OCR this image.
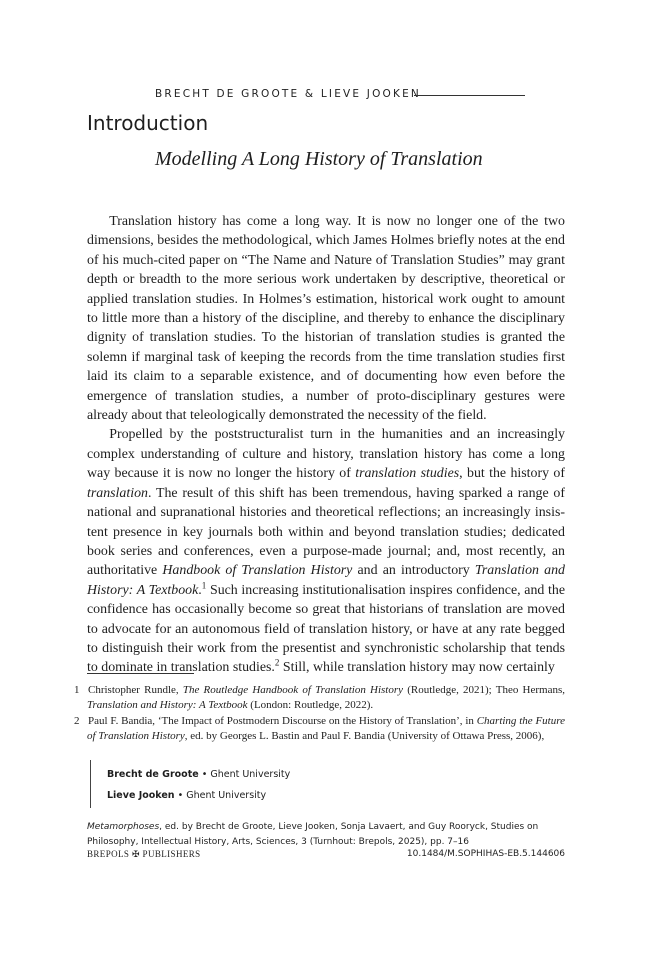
BRECHT DE GROOTE & LIEVE JOOKEN
Introduction
Modelling A Long History of Translation

Translation history has come a long way. It is now no longer one of the two dimensions, besides the methodological, which James Holmes briefly notes at the end of his much-cited paper on “The Name and Nature of Translation Studies” may grant depth or breadth to the more serious work undertaken by descriptive, theoretical or applied translation studies. In Holmes’s estimation, historical work ought to amount to little more than a history of the discipline, and thereby to enhance the disciplinary dignity of translation studies. To the historian of translation studies is granted the solemn if marginal task of keeping the records from the time translation studies first laid its claim to a separable existence, and of documenting how even before the emergence of translation studies, a number of proto-disciplinary gestures were already about that teleologically demonstrated the necessity of the field.

Propelled by the poststructuralist turn in the humanities and an increasingly complex understanding of culture and history, translation history has come a long way because it is now no longer the history of translation studies, but the history of translation. The result of this shift has been tremendous, having sparked a range of national and supranational histories and theoretical reflections; an increasingly insistent presence in key journals both within and beyond translation studies; dedicated book series and conferences, even a purpose-made journal; and, most recently, an authoritative Handbook of Translation History and an introductory Translation and History: A Textbook.$^1$ Such increasing institutionalisation inspires confidence, and the confidence has occasionally become so great that historians of translation are moved to advocate for an autonomous field of translation history, or have at any rate begged to distinguish their work from the presentist and synchronistic scholarship that tends to dominate in translation studies.$^2$ Still, while translation history may now certainly

1 Christopher Rundle, The Routledge Handbook of Translation History (Routledge, 2021); Theo Hermans, Translation and History: A Textbook (London: Routledge, 2022).
2 Paul F. Bandia, ‘The Impact of Postmodern Discourse on the History of Translation’, in Charting the Future of Translation History, ed. by Georges L. Bastin and Paul F. Bandia (University of Ottawa Press, 2006),
Brecht de Groote • Ghent University
Lieve Jooken • Ghent University
Metamorphoses, ed. by Brecht de Groote, Lieve Jooken, Sonja Lavaert, and Guy Rooryck, Studies on Philosophy, Intellectual History, Arts, Sciences, 3 (Turnhout: Brepols, 2025), pp. 7–16
BREPOLS ✠ PUBLISHERS	10.1484/M.SOPHIHAS-EB.5.144606
